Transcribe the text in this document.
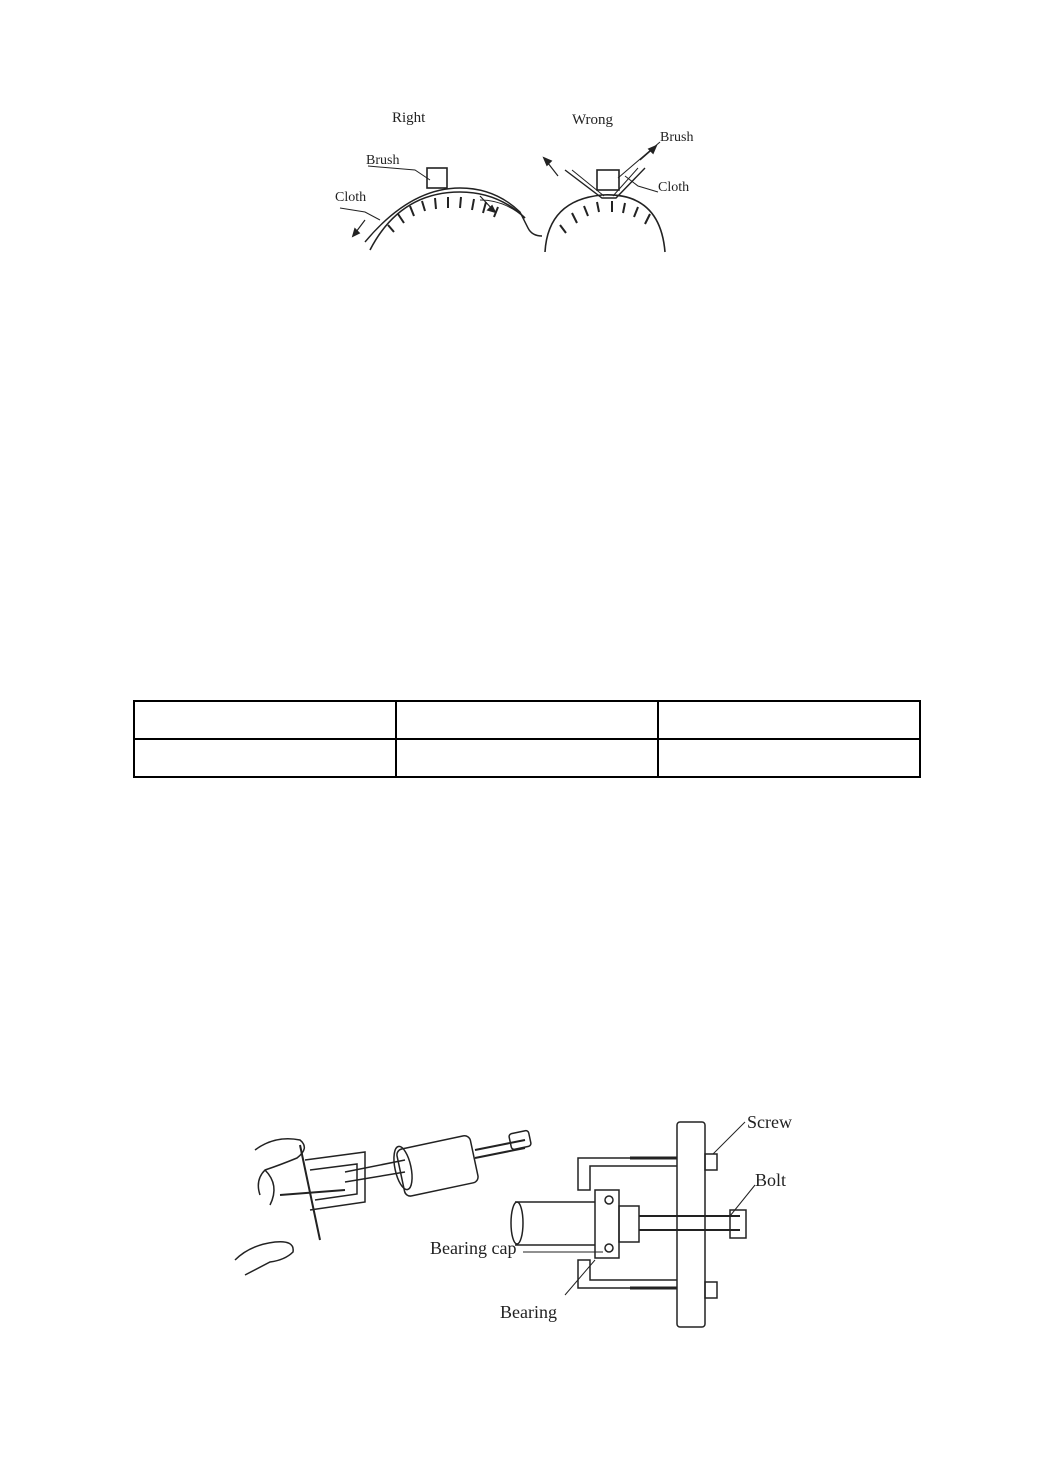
Right	Wrong
Brush
Cloth
Brush
Cloth

Screw
Bolt
Bearing cap
Bearing
